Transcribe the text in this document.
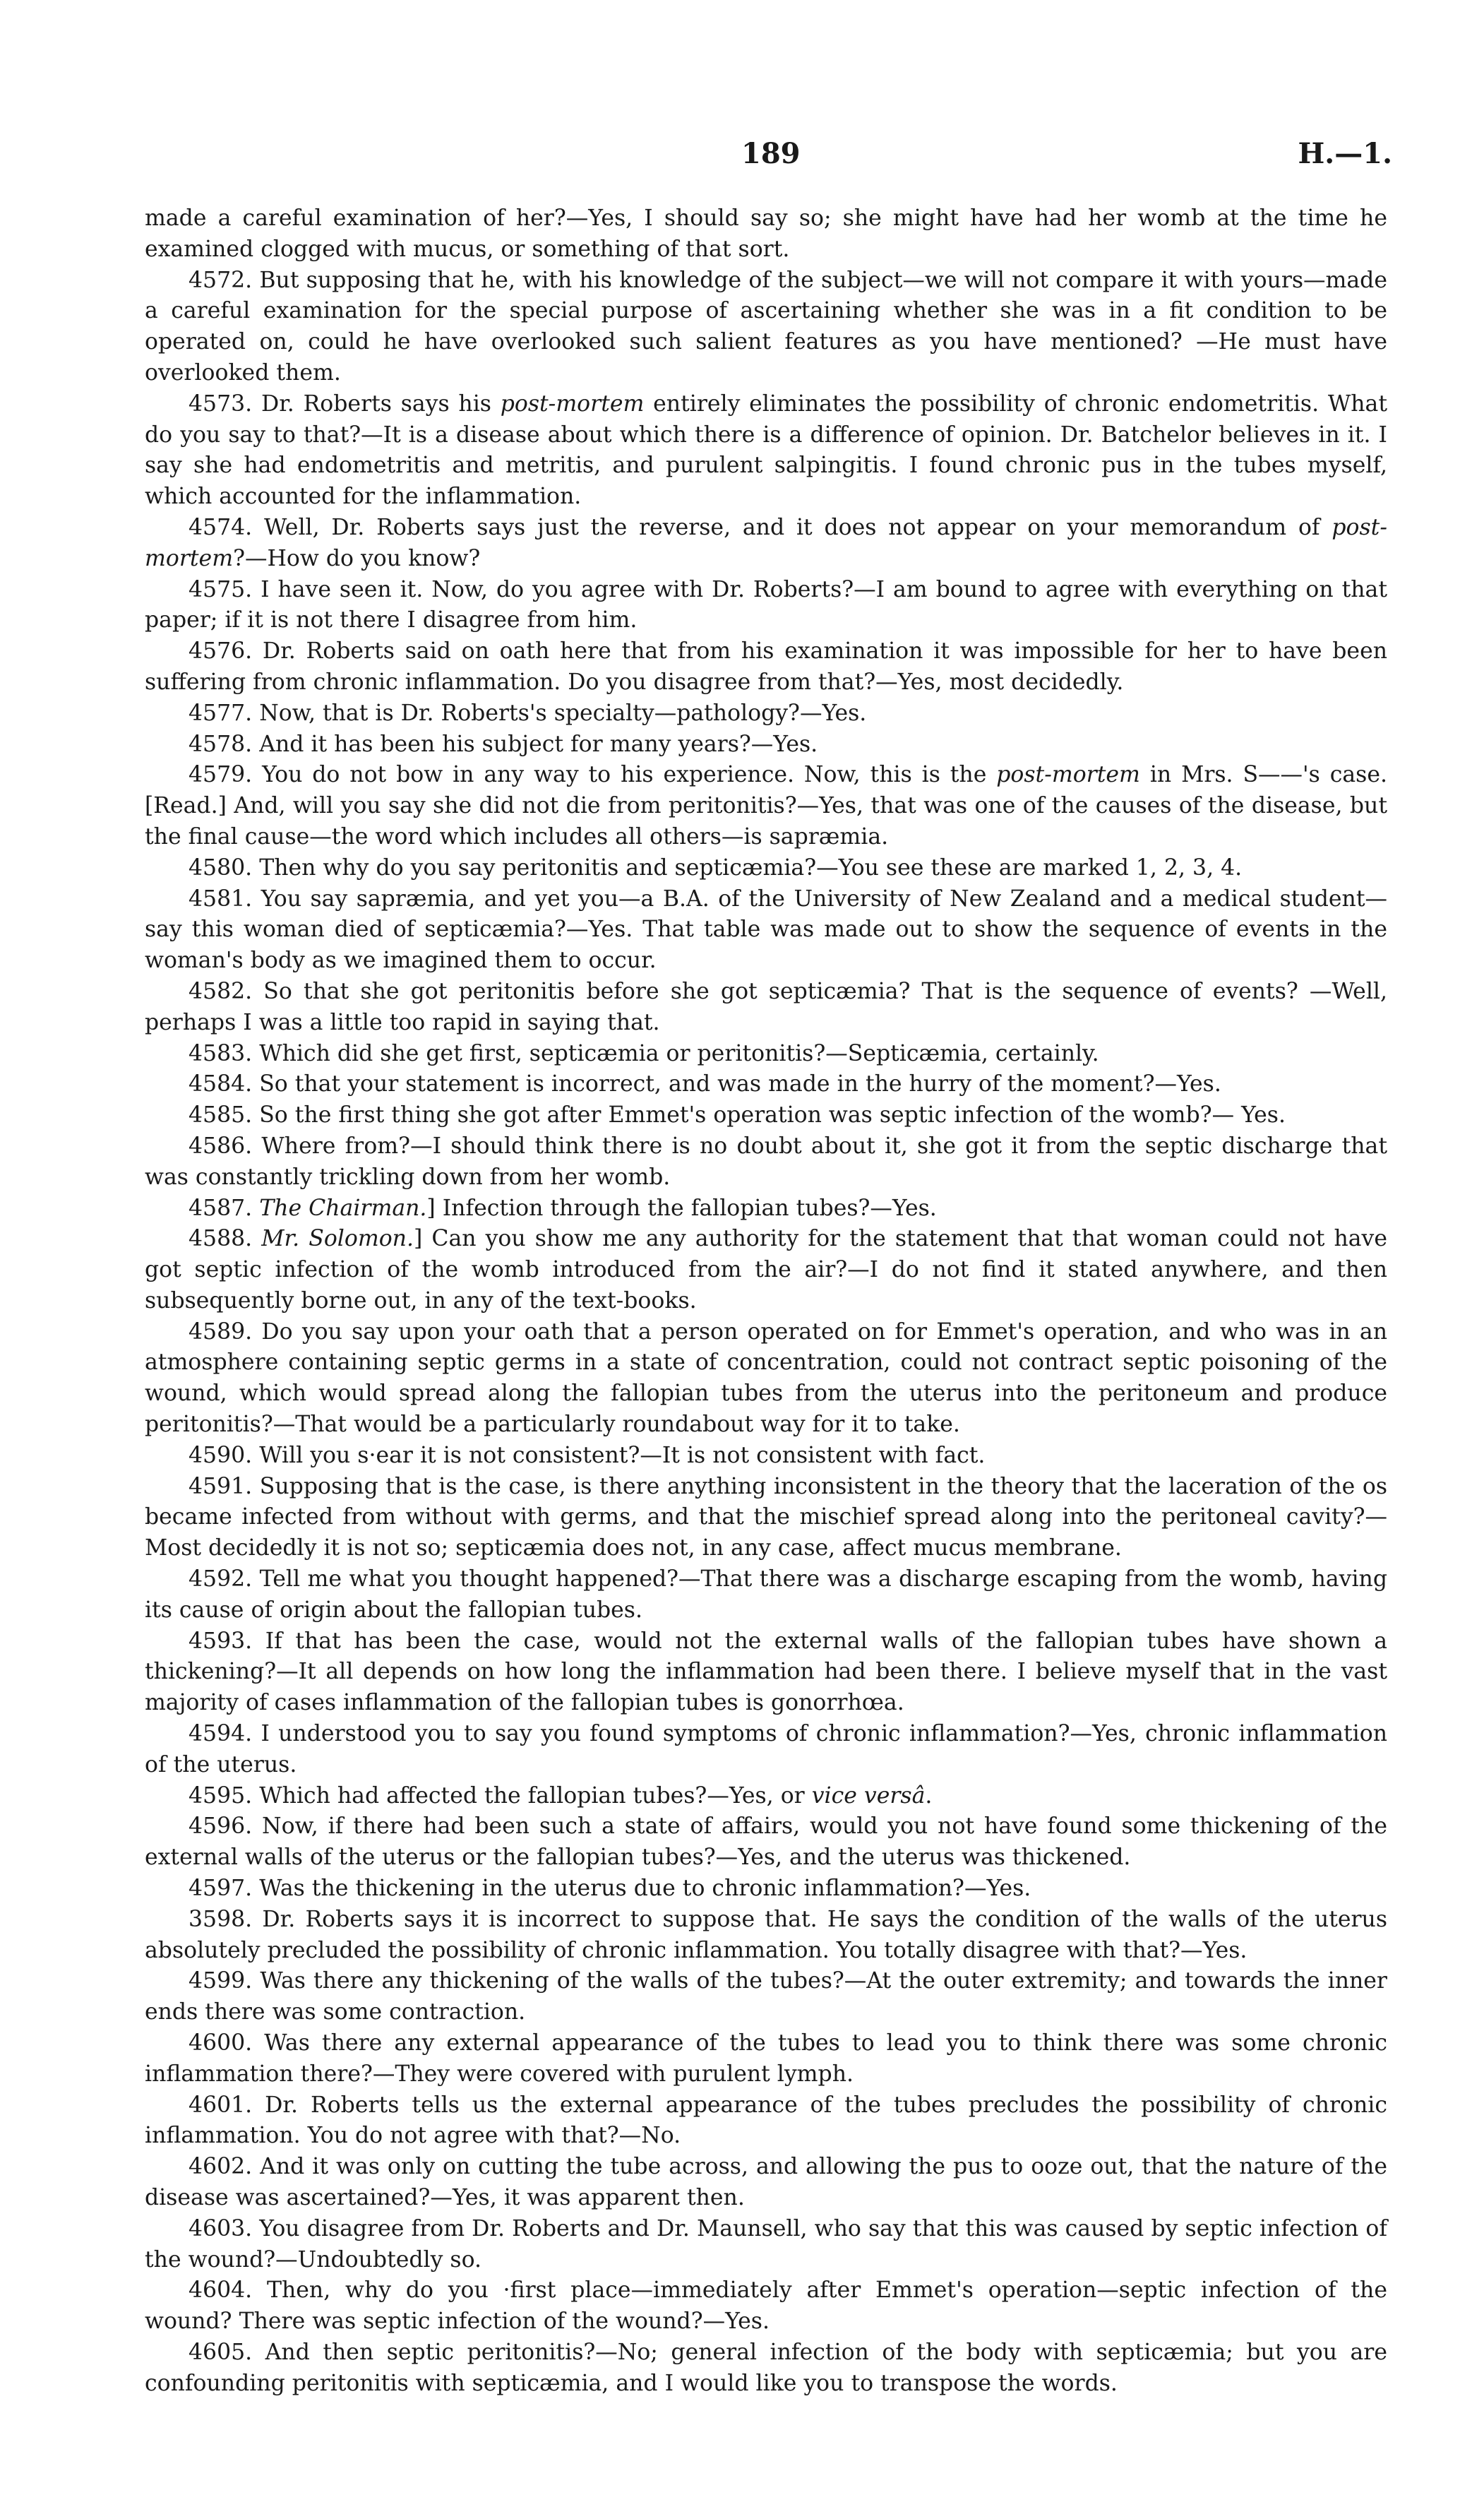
189	H.—1.

made a careful examination of her?—Yes, I should say so; she might have had her womb at the time he examined clogged with mucus, or something of that sort.

4572. But supposing that he, with his knowledge of the subject—we will not compare it with yours—made a careful examination for the special purpose of ascertaining whether she was in a fit condition to be operated on, could he have overlooked such salient features as you have mentioned? —He must have overlooked them.

4573. Dr. Roberts says his post-mortem entirely eliminates the possibility of chronic endometritis. What do you say to that?—It is a disease about which there is a difference of opinion. Dr. Batchelor believes in it. I say she had endometritis and metritis, and purulent salpingitis. I found chronic pus in the tubes myself, which accounted for the inflammation.

4574. Well, Dr. Roberts says just the reverse, and it does not appear on your memorandum of post-mortem?—How do you know?

4575. I have seen it. Now, do you agree with Dr. Roberts?—I am bound to agree with everything on that paper; if it is not there I disagree from him.

4576. Dr. Roberts said on oath here that from his examination it was impossible for her to have been suffering from chronic inflammation. Do you disagree from that?—Yes, most decidedly.

4577. Now, that is Dr. Roberts's specialty—pathology?—Yes.

4578. And it has been his subject for many years?—Yes.

4579. You do not bow in any way to his experience. Now, this is the post-mortem in Mrs. S——'s case. [Read.] And, will you say she did not die from peritonitis?—Yes, that was one of the causes of the disease, but the final cause—the word which includes all others—is sapræmia.

4580. Then why do you say peritonitis and septicæmia?—You see these are marked 1, 2, 3, 4.

4581. You say sapræmia, and yet you—a B.A. of the University of New Zealand and a medical student—say this woman died of septicæmia?—Yes. That table was made out to show the sequence of events in the woman's body as we imagined them to occur.

4582. So that she got peritonitis before she got septicæmia? That is the sequence of events? —Well, perhaps I was a little too rapid in saying that.

4583. Which did she get first, septicæmia or peritonitis?—Septicæmia, certainly.

4584. So that your statement is incorrect, and was made in the hurry of the moment?—Yes.

4585. So the first thing she got after Emmet's operation was septic infection of the womb?— Yes.

4586. Where from?—I should think there is no doubt about it, she got it from the septic discharge that was constantly trickling down from her womb.

4587. The Chairman.] Infection through the fallopian tubes?—Yes.

4588. Mr. Solomon.] Can you show me any authority for the statement that that woman could not have got septic infection of the womb introduced from the air?—I do not find it stated anywhere, and then subsequently borne out, in any of the text-books.

4589. Do you say upon your oath that a person operated on for Emmet's operation, and who was in an atmosphere containing septic germs in a state of concentration, could not contract septic poisoning of the wound, which would spread along the fallopian tubes from the uterus into the peritoneum and produce peritonitis?—That would be a particularly roundabout way for it to take.

4590. Will you s·ear it is not consistent?—It is not consistent with fact.

4591. Supposing that is the case, is there anything inconsistent in the theory that the laceration of the os became infected from without with germs, and that the mischief spread along into the peritoneal cavity?—Most decidedly it is not so; septicæmia does not, in any case, affect mucus membrane.

4592. Tell me what you thought happened?—That there was a discharge escaping from the womb, having its cause of origin about the fallopian tubes.

4593. If that has been the case, would not the external walls of the fallopian tubes have shown a thickening?—It all depends on how long the inflammation had been there. I believe myself that in the vast majority of cases inflammation of the fallopian tubes is gonorrhœa.

4594. I understood you to say you found symptoms of chronic inflammation?—Yes, chronic inflammation of the uterus.

4595. Which had affected the fallopian tubes?—Yes, or vice versâ.

4596. Now, if there had been such a state of affairs, would you not have found some thickening of the external walls of the uterus or the fallopian tubes?—Yes, and the uterus was thickened.

4597. Was the thickening in the uterus due to chronic inflammation?—Yes.

3598. Dr. Roberts says it is incorrect to suppose that. He says the condition of the walls of the uterus absolutely precluded the possibility of chronic inflammation. You totally disagree with that?—Yes.

4599. Was there any thickening of the walls of the tubes?—At the outer extremity; and towards the inner ends there was some contraction.

4600. Was there any external appearance of the tubes to lead you to think there was some chronic inflammation there?—They were covered with purulent lymph.

4601. Dr. Roberts tells us the external appearance of the tubes precludes the possibility of chronic inflammation. You do not agree with that?—No.

4602. And it was only on cutting the tube across, and allowing the pus to ooze out, that the nature of the disease was ascertained?—Yes, it was apparent then.

4603. You disagree from Dr. Roberts and Dr. Maunsell, who say that this was caused by septic infection of the wound?—Undoubtedly so.

4604. Then, why do you ·first place—immediately after Emmet's operation—septic infection of the wound? There was septic infection of the wound?—Yes.

4605. And then septic peritonitis?—No; general infection of the body with septicæmia; but you are confounding peritonitis with septicæmia, and I would like you to transpose the words.
